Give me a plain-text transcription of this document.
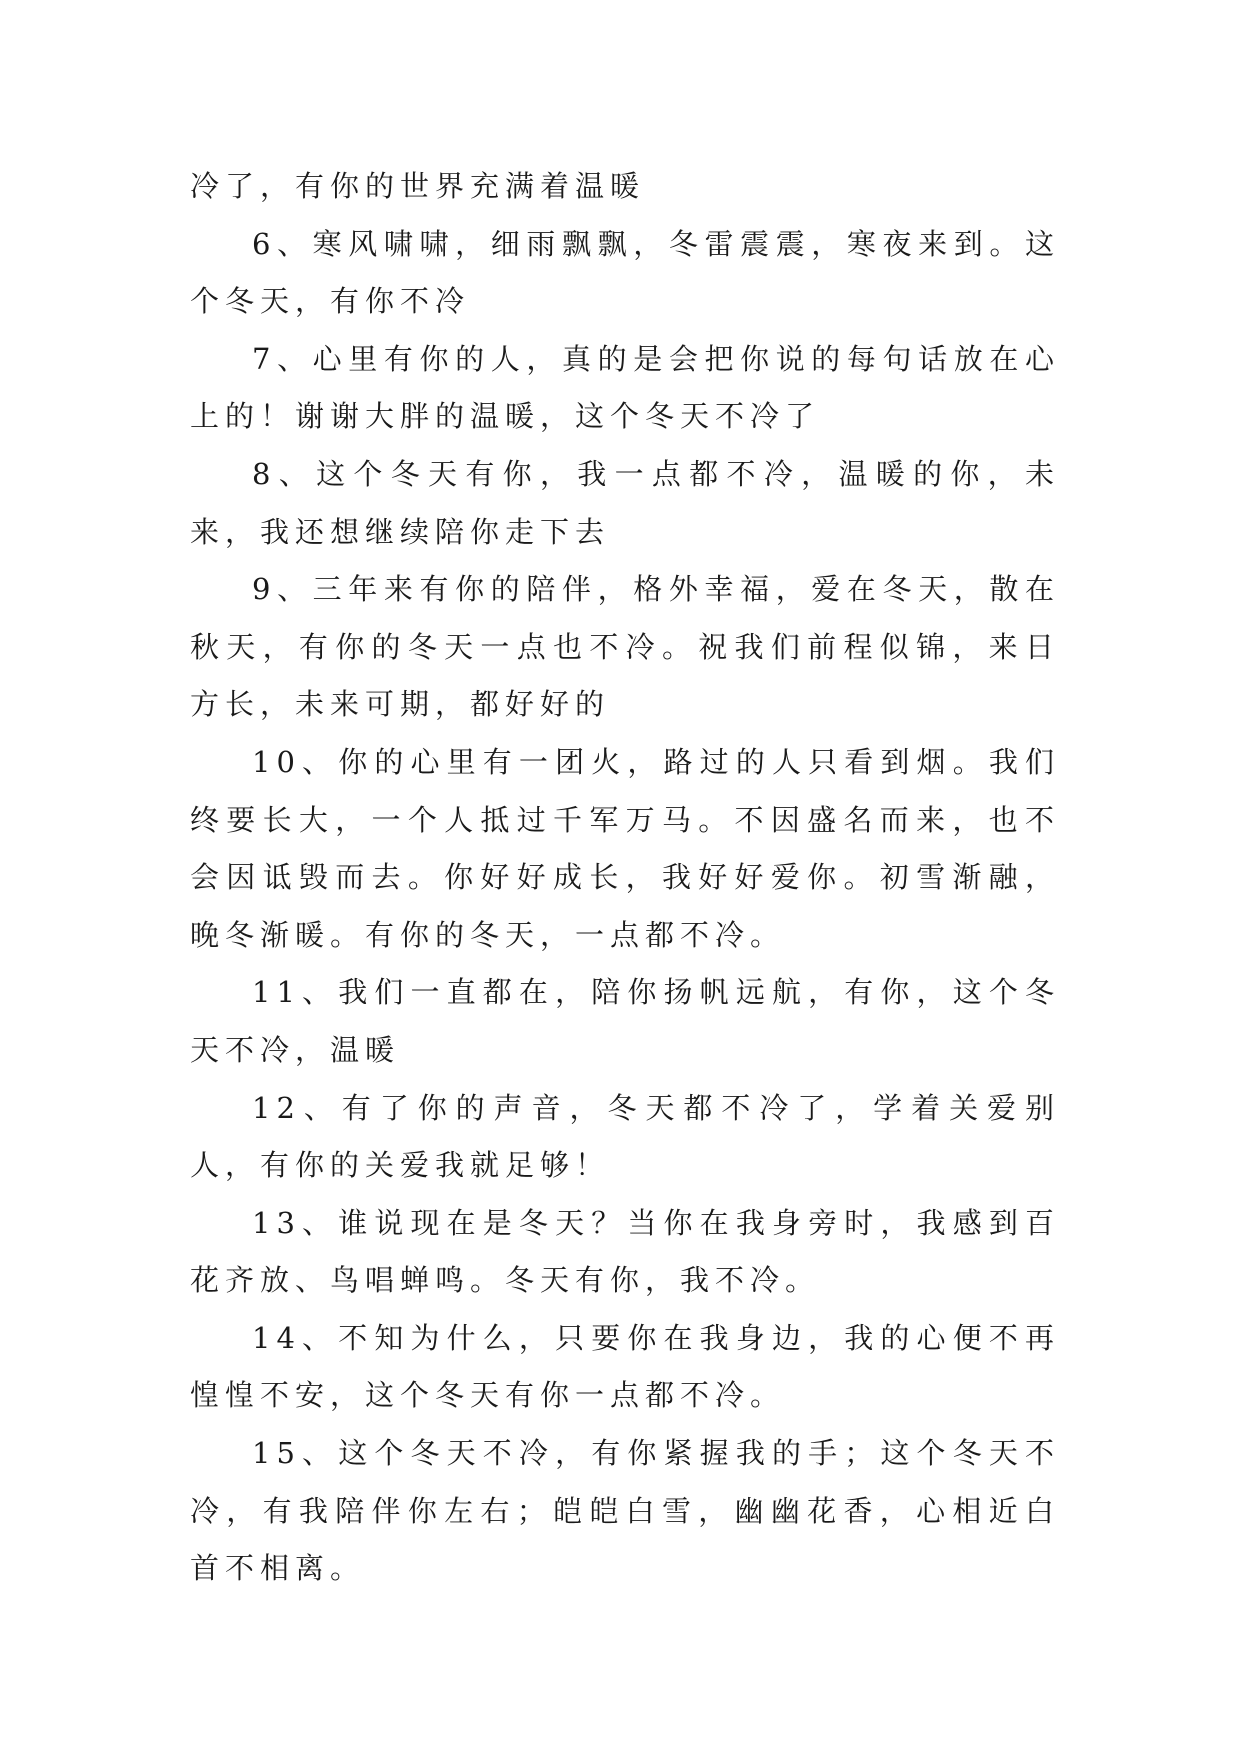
冷了，有你的世界充满着温暖

6、寒风啸啸，细雨飘飘，冬雷震震，寒夜来到。这个冬天，有你不冷

7、心里有你的人，真的是会把你说的每句话放在心上的！谢谢大胖的温暖，这个冬天不冷了

8、这个冬天有你，我一点都不冷，温暖的你，未来，我还想继续陪你走下去

9、三年来有你的陪伴，格外幸福，爱在冬天，散在秋天，有你的冬天一点也不冷。祝我们前程似锦，来日方长，未来可期，都好好的

10、你的心里有一团火，路过的人只看到烟。我们终要长大，一个人抵过千军万马。不因盛名而来，也不会因诋毁而去。你好好成长，我好好爱你。初雪渐融，晚冬渐暖。有你的冬天，一点都不冷。

11、我们一直都在，陪你扬帆远航，有你，这个冬天不冷，温暖

12、有了你的声音，冬天都不冷了，学着关爱别人，有你的关爱我就足够！

13、谁说现在是冬天？当你在我身旁时，我感到百花齐放、鸟唱蝉鸣。冬天有你，我不冷。

14、不知为什么，只要你在我身边，我的心便不再惶惶不安，这个冬天有你一点都不冷。

15、这个冬天不冷，有你紧握我的手；这个冬天不冷，有我陪伴你左右；皑皑白雪，幽幽花香，心相近白首不相离。
